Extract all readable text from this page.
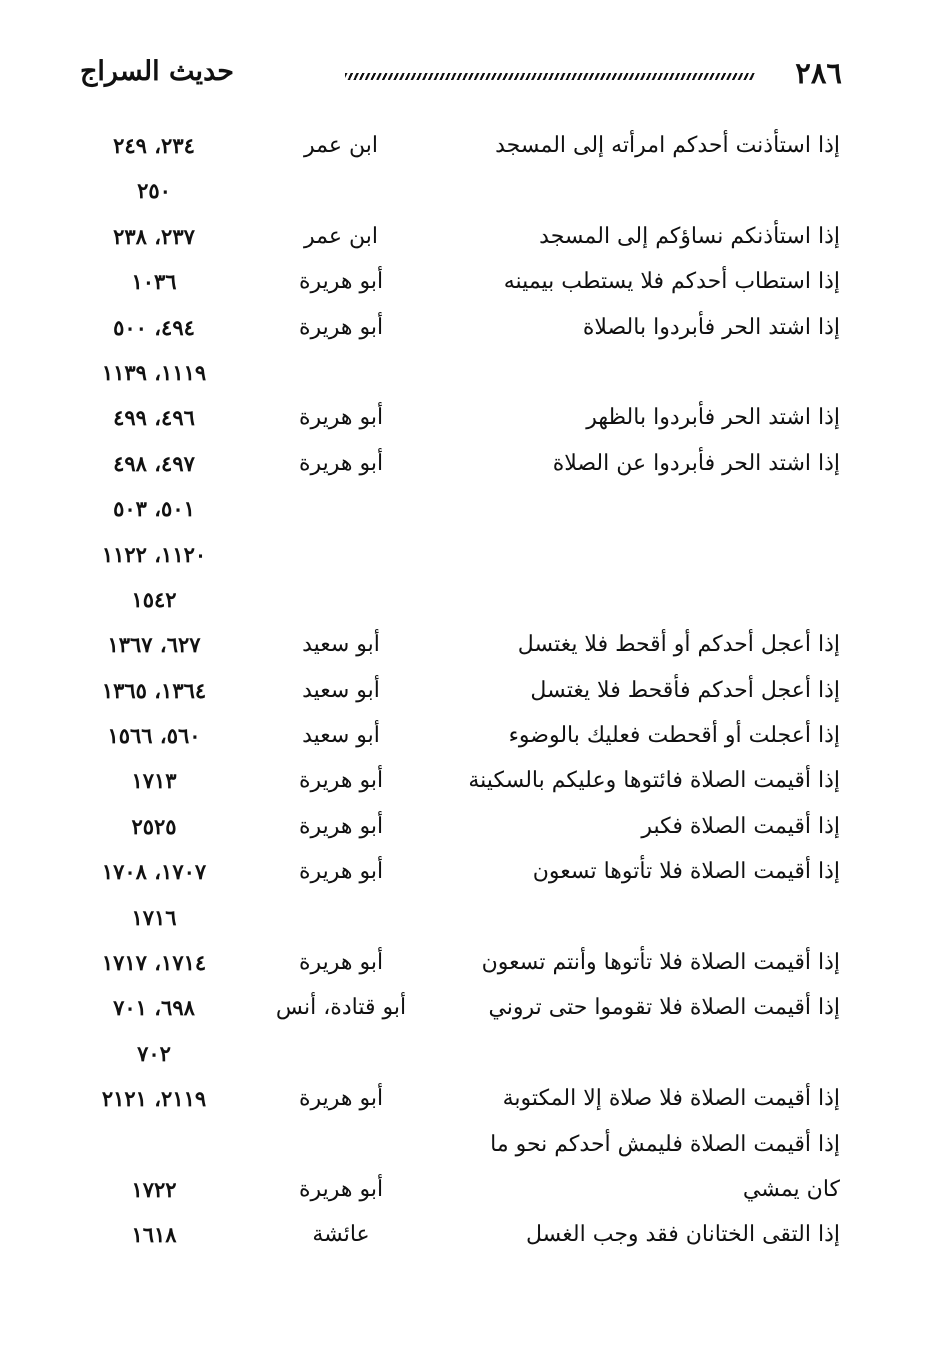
٢٨٦
حديث السراج
إذا استأذنت أحدكم امرأته إلى المسجد
ابن عمر
٢٣٤، ٢٤٩
٢٥٠
إذا استأذنكم نساؤكم إلى المسجد
ابن عمر
٢٣٧، ٢٣٨
إذا استطاب أحدكم فلا يستطب بيمينه
أبو هريرة
١٠٣٦
إذا اشتد الحر فأبردوا بالصلاة
أبو هريرة
٤٩٤، ٥٠٠
١١١٩، ١١٣٩
إذا اشتد الحر فأبردوا بالظهر
أبو هريرة
٤٩٦، ٤٩٩
إذا اشتد الحر فأبردوا عن الصلاة
أبو هريرة
٤٩٧، ٤٩٨
٥٠١، ٥٠٣
١١٢٠، ١١٢٢
١٥٤٢
إذا أعجل أحدكم أو أقحط فلا يغتسل
أبو سعيد
٦٢٧، ١٣٦٧
إذا أعجل أحدكم فأقحط فلا يغتسل
أبو سعيد
١٣٦٤، ١٣٦٥
إذا أعجلت أو أقحطت فعليك بالوضوء
أبو سعيد
٥٦٠، ١٥٦٦
إذا أقيمت الصلاة فائتوها وعليكم بالسكينة
أبو هريرة
١٧١٣
إذا أقيمت الصلاة فكبر
أبو هريرة
٢٥٢٥
إذا أقيمت الصلاة فلا تأتوها تسعون
أبو هريرة
١٧٠٧، ١٧٠٨
١٧١٦
إذا أقيمت الصلاة فلا تأتوها وأنتم تسعون
أبو هريرة
١٧١٤، ١٧١٧
إذا أقيمت الصلاة فلا تقوموا حتى تروني
أبو قتادة، أنس
٦٩٨، ٧٠١
٧٠٢
إذا أقيمت الصلاة فلا صلاة إلا المكتوبة
أبو هريرة
٢١١٩، ٢١٢١
إذا أقيمت الصلاة فليمش أحدكم نحو ما
كان يمشي
أبو هريرة
١٧٢٢
إذا التقى الختانان فقد وجب الغسل
عائشة
١٦١٨
